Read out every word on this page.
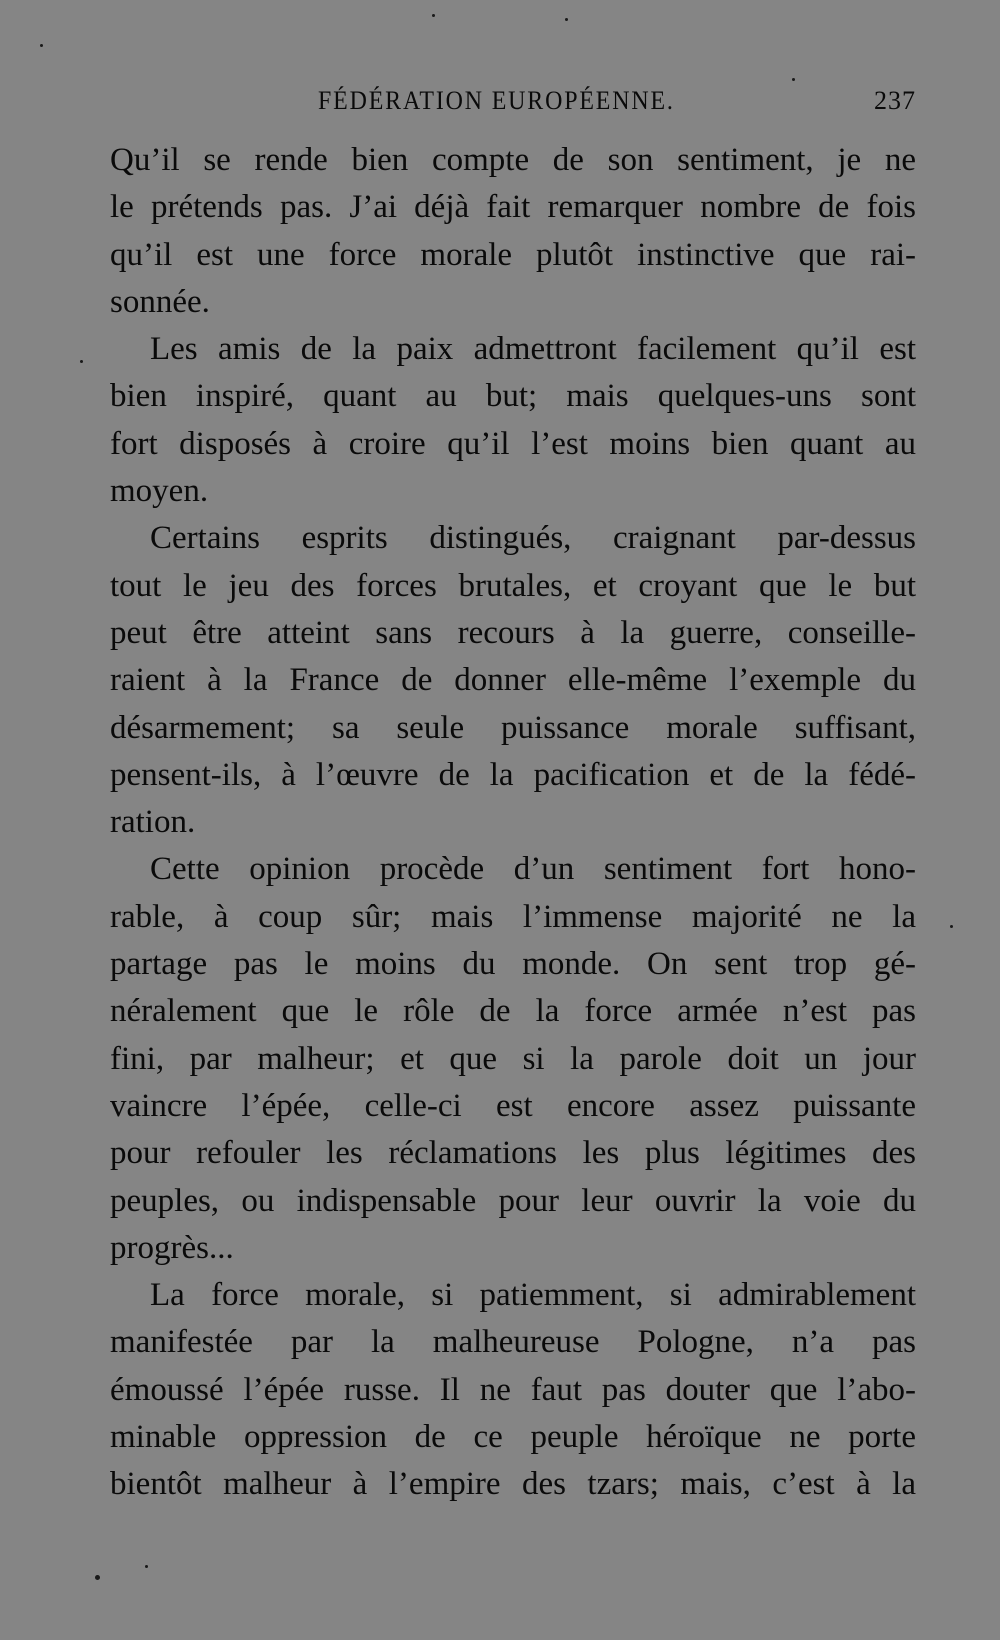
FÉDÉRATION EUROPÉENNE.	237
Qu’il se rende bien compte de son sentiment, je ne
le prétends pas. J’ai déjà fait remarquer nombre de fois
qu’il est une force morale plutôt instinctive que rai-
sonnée.
Les amis de la paix admettront facilement qu’il est
bien inspiré, quant au but; mais quelques-uns sont
fort disposés à croire qu’il l’est moins bien quant au
moyen.
Certains esprits distingués, craignant par-dessus
tout le jeu des forces brutales, et croyant que le but
peut être atteint sans recours à la guerre, conseille-
raient à la France de donner elle-même l’exemple du
désarmement; sa seule puissance morale suffisant,
pensent-ils, à l’œuvre de la pacification et de la fédé-
ration.
Cette opinion procède d’un sentiment fort hono-
rable, à coup sûr; mais l’immense majorité ne la
partage pas le moins du monde. On sent trop gé-
néralement que le rôle de la force armée n’est pas
fini, par malheur; et que si la parole doit un jour
vaincre l’épée, celle-ci est encore assez puissante
pour refouler les réclamations les plus légitimes des
peuples, ou indispensable pour leur ouvrir la voie du
progrès...
La force morale, si patiemment, si admirablement
manifestée par la malheureuse Pologne, n’a pas
émoussé l’épée russe. Il ne faut pas douter que l’abo-
minable oppression de ce peuple héroïque ne porte
bientôt malheur à l’empire des tzars; mais, c’est à la
